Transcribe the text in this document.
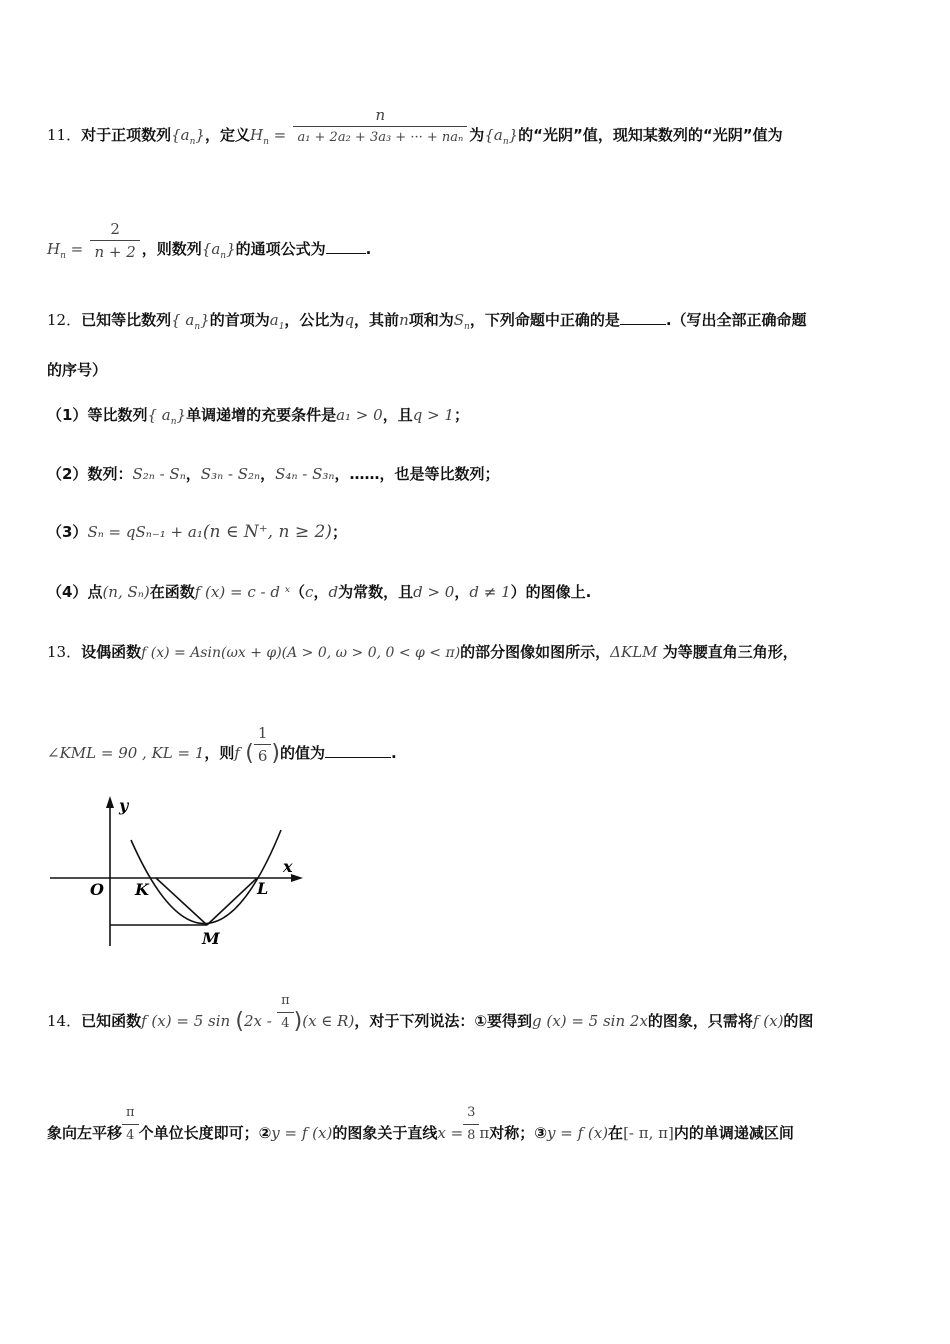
11．对于正项数列$\{a_n\}$，定义$H_n = \frac{n}{\text{a₁ + 2a₂ + 3a₃ + ··· + naₙ}}$ 为$\{a_n\}$的“光阴”值，现知某数列的“光阴”值为
$H_n = \frac{2}{n + 2}$ ，则数列$\{a_n\}$的通项公式为	.
12．已知等比数列{ $a_n$}的首项为$a_1$，公比为q，其前n项和为$S_n$，下列命题中正确的是	.（写出全部正确命题
的序号）
（1）等比数列{ $a_n$}单调递增的充要条件是a₁ > 0，且q > 1；
（2）数列：S₂ₙ - Sₙ，S₃ₙ - S₂ₙ，S₄ₙ - S₃ₙ，……，也是等比数列；
（3）Sₙ = qSₙ₋₁ + a₁(n ∈ N⁺, n ≥ 2)；
（4）点(n, Sₙ)在函数f (x) = c - d ˣ（c，d为常数，且d > 0，d ≠ 1）的图像上.
13．设偶函数f (x) = Asin(ωx + φ)(A > 0, ω > 0, 0 < φ < π)的部分图像如图所示，ΔKLM 为等腰直角三角形，
∠KML = 90 , KL = 1，则f ( $\frac{1}{6}$ )的值为	.
y
x
O K	L
M
14．已知函数f (x) = 5 $\sin (2x - \frac{\pi}{4} )(x$ ∈ R)，对于下列说法：①要得到g (x) = 5 sin 2x的图象，只需将f (x)的图
象向左平移 $\frac{\pi}{4}$ 个单位长度即可；②y = f (x)的图象关于直线$x = \frac{3}{8}$ π对称；③y = f (x)在[- π, π]内的单调递减区间
